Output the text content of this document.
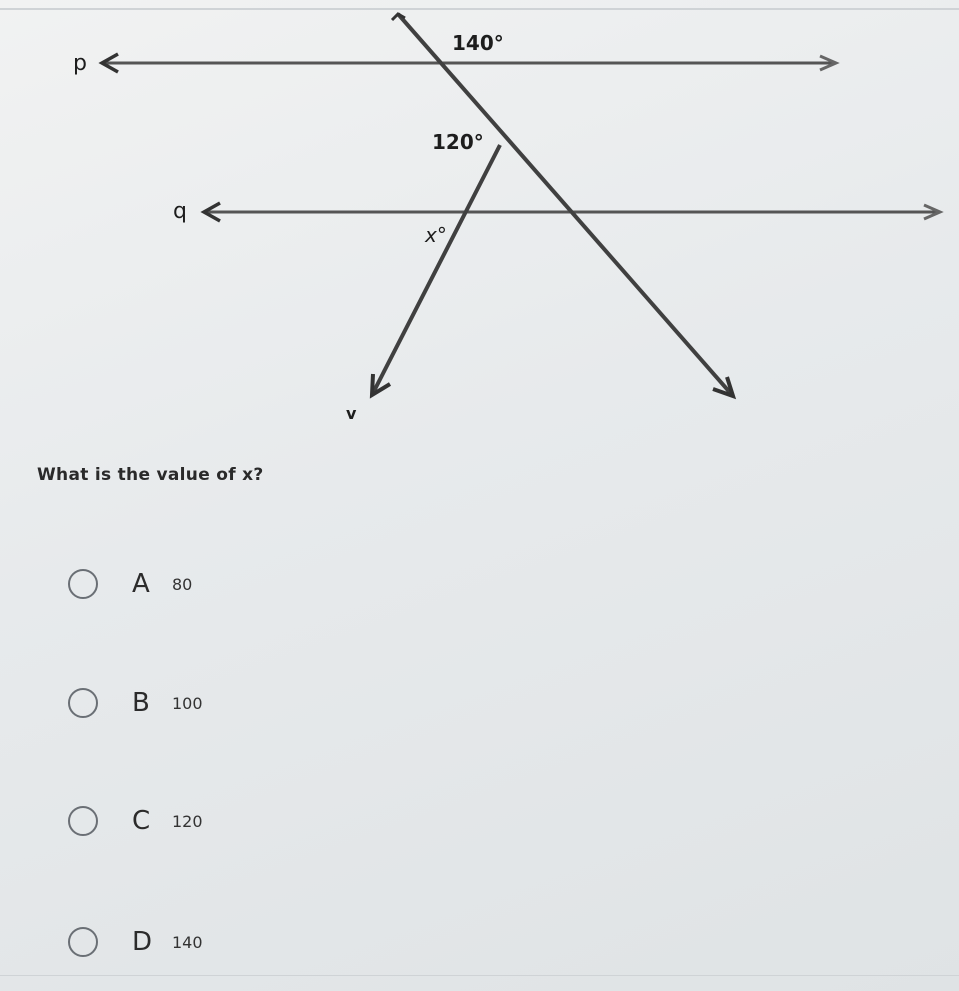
p
q
v
140°
120°
x°
What is the value of x?
A	80
B	100
C	120
D	140
